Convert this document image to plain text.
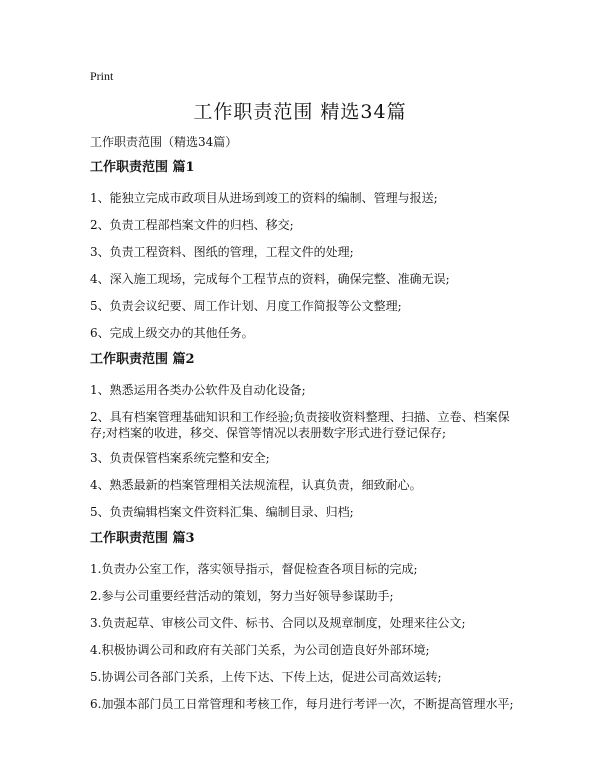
Print
工作职责范围 精选34篇
工作职责范围（精选34篇）
工作职责范围 篇1
1、能独立完成市政项目从进场到竣工的资料的编制、管理与报送;
2、负责工程部档案文件的归档、移交;
3、负责工程资料、图纸的管理，工程文件的处理;
4、深入施工现场，完成每个工程节点的资料，确保完整、准确无误;
5、负责会议纪要、周工作计划、月度工作简报等公文整理;
6、完成上级交办的其他任务。
工作职责范围 篇2
1、熟悉运用各类办公软件及自动化设备;
2、具有档案管理基础知识和工作经验;负责接收资料整理、扫描、立卷、档案保存;对档案的收进，移交、保管等情况以表册数字形式进行登记保存;
3、负责保管档案系统完整和安全;
4、熟悉最新的档案管理相关法规流程，认真负责，细致耐心。
5、负责编辑档案文件资料汇集、编制目录、归档;
工作职责范围 篇3
1.负责办公室工作，落实领导指示，督促检查各项目标的完成;
2.参与公司重要经营活动的策划，努力当好领导参谋助手;
3.负责起草、审核公司文件、标书、合同以及规章制度，处理来往公文;
4.积极协调公司和政府有关部门关系，为公司创造良好外部环境;
5.协调公司各部门关系，上传下达、下传上达，促进公司高效运转;
6.加强本部门员工日常管理和考核工作，每月进行考评一次，不断提高管理水平;
